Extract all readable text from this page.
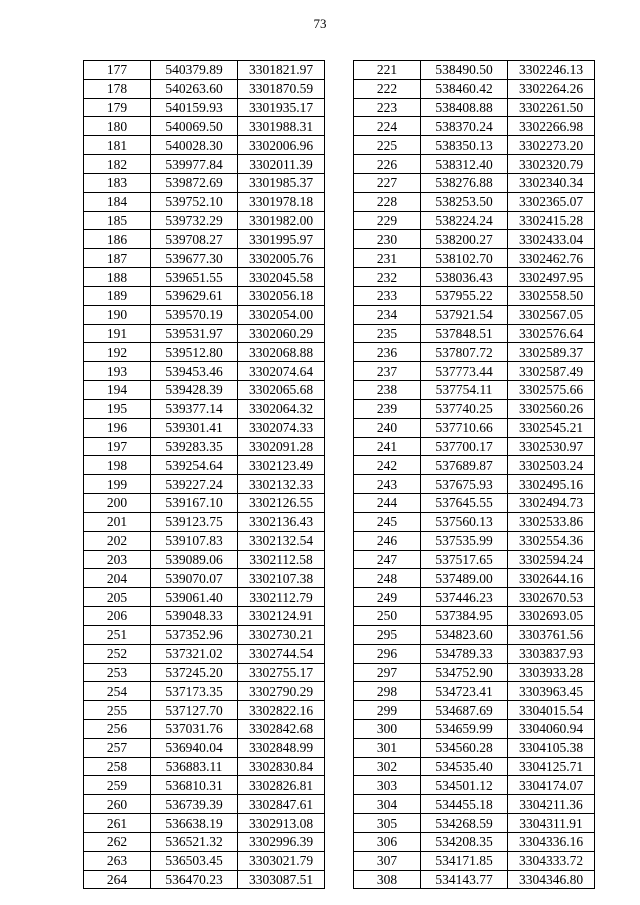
73
177	540379.89	3301821.97
178	540263.60	3301870.59
179	540159.93	3301935.17
180	540069.50	3301988.31
181	540028.30	3302006.96
182	539977.84	3302011.39
183	539872.69	3301985.37
184	539752.10	3301978.18
185	539732.29	3301982.00
186	539708.27	3301995.97
187	539677.30	3302005.76
188	539651.55	3302045.58
189	539629.61	3302056.18
190	539570.19	3302054.00
191	539531.97	3302060.29
192	539512.80	3302068.88
193	539453.46	3302074.64
194	539428.39	3302065.68
195	539377.14	3302064.32
196	539301.41	3302074.33
197	539283.35	3302091.28
198	539254.64	3302123.49
199	539227.24	3302132.33
200	539167.10	3302126.55
201	539123.75	3302136.43
202	539107.83	3302132.54
203	539089.06	3302112.58
204	539070.07	3302107.38
205	539061.40	3302112.79
206	539048.33	3302124.91
251	537352.96	3302730.21
252	537321.02	3302744.54
253	537245.20	3302755.17
254	537173.35	3302790.29
255	537127.70	3302822.16
256	537031.76	3302842.68
257	536940.04	3302848.99
258	536883.11	3302830.84
259	536810.31	3302826.81
260	536739.39	3302847.61
261	536638.19	3302913.08
262	536521.32	3302996.39
263	536503.45	3303021.79
264	536470.23	3303087.51
221	538490.50	3302246.13
222	538460.42	3302264.26
223	538408.88	3302261.50
224	538370.24	3302266.98
225	538350.13	3302273.20
226	538312.40	3302320.79
227	538276.88	3302340.34
228	538253.50	3302365.07
229	538224.24	3302415.28
230	538200.27	3302433.04
231	538102.70	3302462.76
232	538036.43	3302497.95
233	537955.22	3302558.50
234	537921.54	3302567.05
235	537848.51	3302576.64
236	537807.72	3302589.37
237	537773.44	3302587.49
238	537754.11	3302575.66
239	537740.25	3302560.26
240	537710.66	3302545.21
241	537700.17	3302530.97
242	537689.87	3302503.24
243	537675.93	3302495.16
244	537645.55	3302494.73
245	537560.13	3302533.86
246	537535.99	3302554.36
247	537517.65	3302594.24
248	537489.00	3302644.16
249	537446.23	3302670.53
250	537384.95	3302693.05
295	534823.60	3303761.56
296	534789.33	3303837.93
297	534752.90	3303933.28
298	534723.41	3303963.45
299	534687.69	3304015.54
300	534659.99	3304060.94
301	534560.28	3304105.38
302	534535.40	3304125.71
303	534501.12	3304174.07
304	534455.18	3304211.36
305	534268.59	3304311.91
306	534208.35	3304336.16
307	534171.85	3304333.72
308	534143.77	3304346.80
